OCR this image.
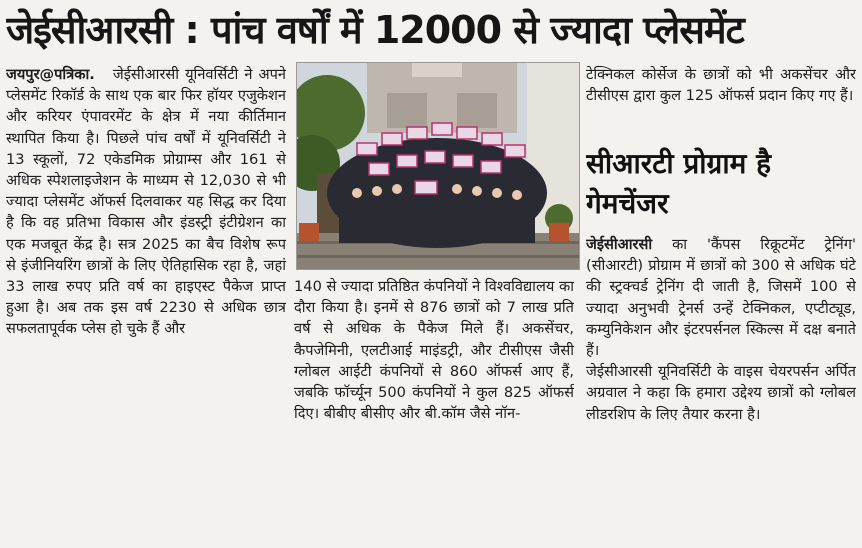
जेईसीआरसी : पांच वर्षों में 12000 से ज्यादा प्लेसमेंट

जयपुर@पत्रिका. जेईसीआरसी यूनिवर्सिटी ने अपने प्लेसमेंट रिकॉर्ड के साथ एक बार फिर हॉयर एजुकेशन और करियर एंपावरमेंट के क्षेत्र में नया कीर्तिमान स्थापित किया है। पिछले पांच वर्षों में यूनिवर्सिटी ने 13 स्कूलों, 72 एकेडमिक प्रोग्राम्स और 161 से अधिक स्पेशलाइजेशन के माध्यम से 12,030 से भी ज्यादा प्लेसमेंट ऑफर्स दिलवाकर यह सिद्ध कर दिया है कि वह प्रतिभा विकास और इंडस्ट्री इंटीग्रेशन का एक मजबूत केंद्र है। सत्र 2025 का बैच विशेष रूप से इंजीनियरिंग छात्रों के लिए ऐतिहासिक रहा है, जहां 33 लाख रुपए प्रति वर्ष का हाइएस्ट पैकेज प्राप्त हुआ है। अब तक इस वर्ष 2230 से अधिक छात्र सफलतापूर्वक प्लेस हो चुके हैं और

140 से ज्यादा प्रतिष्ठित कंपनियों ने विश्वविद्यालय का दौरा किया है। इनमें से 876 छात्रों को 7 लाख प्रति वर्ष से अधिक के पैकेज मिले हैं। अकसेंचर, कैपजेमिनी, एलटीआई माइंडट्री, और टीसीएस जैसी ग्लोबल आईटी कंपनियों से 860 ऑफर्स आए हैं, जबकि फॉर्च्यून 500 कंपनियों ने कुल 825 ऑफर्स दिए। बीबीए बीसीए और बी.कॉम जैसे नॉन-

टेक्निकल कोर्सेज के छात्रों को भी अकसेंचर और टीसीएस द्वारा कुल 125 ऑफर्स प्रदान किए गए हैं।

सीआरटी प्रोग्राम है गेमचेंजर

जेईसीआरसी का 'कैंपस रिक्रूटमेंट ट्रेनिंग' (सीआरटी) प्रोग्राम में छात्रों को 300 से अधिक घंटे की स्ट्रक्चर्ड ट्रेनिंग दी जाती है, जिसमें 100 से ज्यादा अनुभवी ट्रेनर्स उन्हें टेक्निकल, एप्टीट्यूड, कम्युनिकेशन और इंटरपर्सनल स्किल्स में दक्ष बनाते हैं।

जेईसीआरसी यूनिवर्सिटी के वाइस चेयरपर्सन अर्पित अग्रवाल ने कहा कि हमारा उद्देश्य छात्रों को ग्लोबल लीडरशिप के लिए तैयार करना है।
